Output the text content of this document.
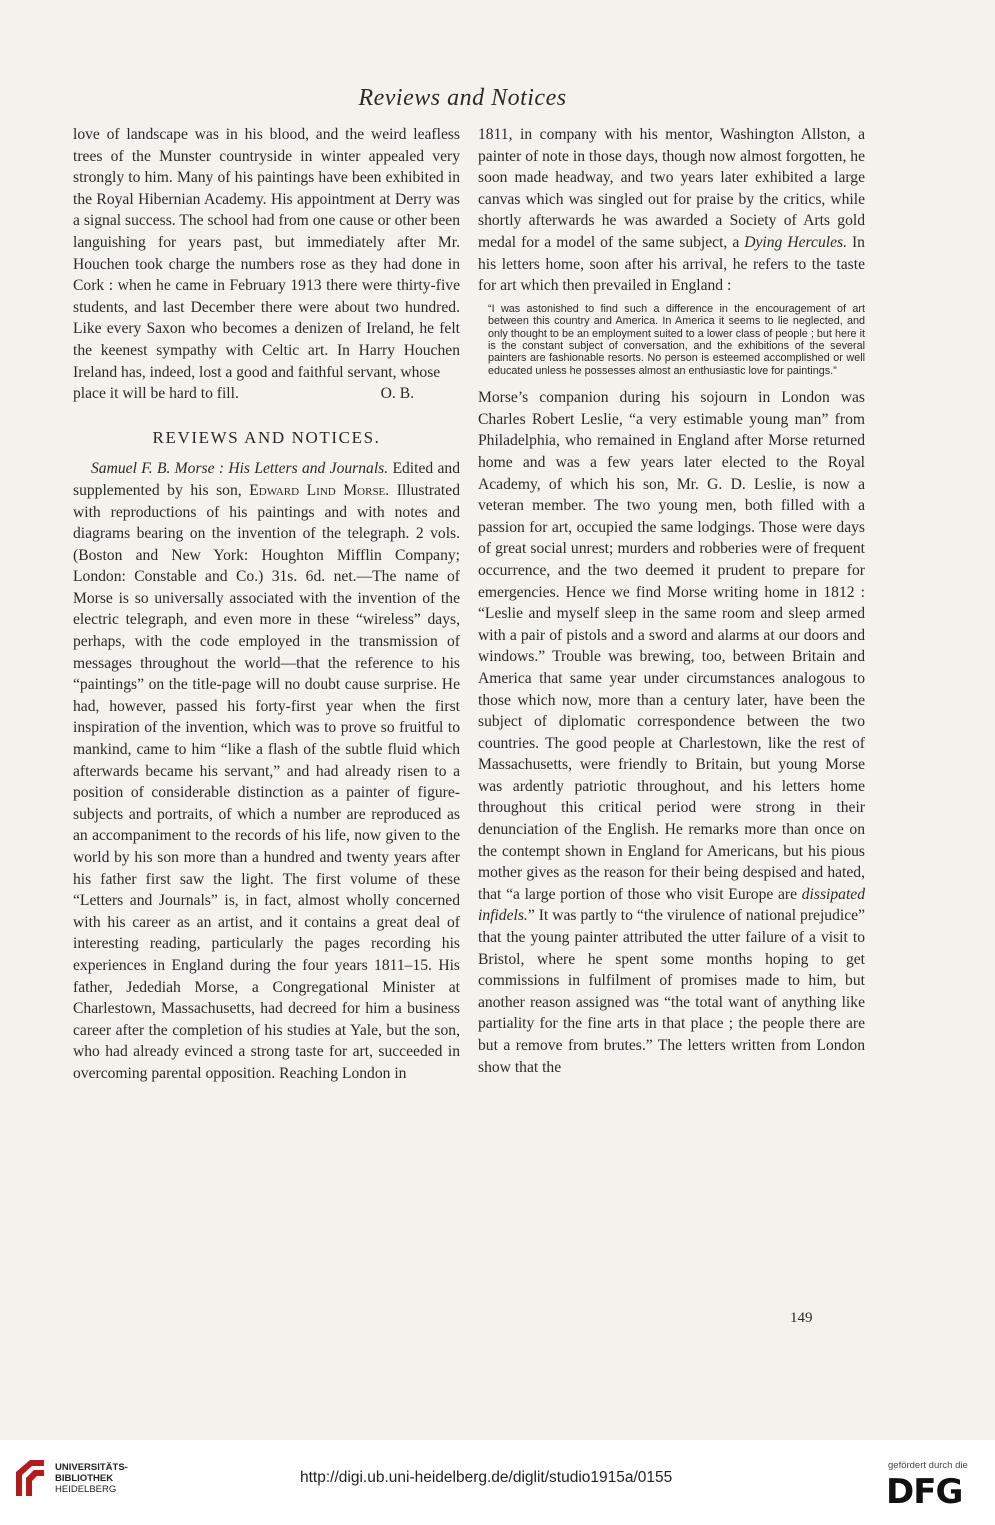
Reviews and Notices

love of landscape was in his blood, and the weird leafless trees of the Munster countryside in winter appealed very strongly to him. Many of his paintings have been exhibited in the Royal Hibernian Academy. His appointment at Derry was a signal success. The school had from one cause or other been languishing for years past, but immediately after Mr. Houchen took charge the numbers rose as they had done in Cork : when he came in February 1913 there were thirty-five students, and last December there were about two hundred. Like every Saxon who becomes a denizen of Ireland, he felt the keenest sympathy with Celtic art. In Harry Houchen Ireland has, indeed, lost a good and faithful servant, whose

place it will be hard to fill.	O. B.

REVIEWS AND NOTICES.

Samuel F. B. Morse : His Letters and Journals. Edited and supplemented by his son, Edward Lind Morse. Illustrated with reproductions of his paintings and with notes and diagrams bearing on the invention of the telegraph. 2 vols. (Boston and New York: Houghton Mifflin Company; London: Constable and Co.) 31s. 6d. net.—The name of Morse is so universally associated with the invention of the electric telegraph, and even more in these “wireless” days, perhaps, with the code employed in the transmission of messages throughout the world—that the reference to his “paintings” on the title-page will no doubt cause surprise. He had, however, passed his forty-first year when the first inspiration of the invention, which was to prove so fruitful to mankind, came to him “like a flash of the subtle fluid which afterwards became his servant,” and had already risen to a position of considerable distinction as a painter of figure-subjects and portraits, of which a number are reproduced as an accompaniment to the records of his life, now given to the world by his son more than a hundred and twenty years after his father first saw the light. The first volume of these “Letters and Journals” is, in fact, almost wholly concerned with his career as an artist, and it contains a great deal of interesting reading, particularly the pages recording his experiences in England during the four years 1811–15. His father, Jedediah Morse, a Congregational Minister at Charlestown, Massachusetts, had decreed for him a business career after the completion of his studies at Yale, but the son, who had already evinced a strong taste for art, succeeded in overcoming parental opposition. Reaching London in

1811, in company with his mentor, Washington Allston, a painter of note in those days, though now almost forgotten, he soon made headway, and two years later exhibited a large canvas which was singled out for praise by the critics, while shortly afterwards he was awarded a Society of Arts gold medal for a model of the same subject, a Dying Hercules. In his letters home, soon after his arrival, he refers to the taste for art which then prevailed in England :

“I was astonished to find such a difference in the encouragement of art between this country and America. In America it seems to lie neglected, and only thought to be an employment suited to a lower class of people ; but here it is the constant subject of conversation, and the exhibitions of the several painters are fashionable resorts. No person is esteemed accomplished or well educated unless he possesses almost an enthusiastic love for paintings.”

Morse’s companion during his sojourn in London was Charles Robert Leslie, “a very estimable young man” from Philadelphia, who remained in England after Morse returned home and was a few years later elected to the Royal Academy, of which his son, Mr. G. D. Leslie, is now a veteran member. The two young men, both filled with a passion for art, occupied the same lodgings. Those were days of great social unrest; murders and robberies were of frequent occurrence, and the two deemed it prudent to prepare for emergencies. Hence we find Morse writing home in 1812 : “Leslie and myself sleep in the same room and sleep armed with a pair of pistols and a sword and alarms at our doors and windows.” Trouble was brewing, too, between Britain and America that same year under circumstances analogous to those which now, more than a century later, have been the subject of diplomatic correspondence between the two countries. The good people at Charlestown, like the rest of Massachusetts, were friendly to Britain, but young Morse was ardently patriotic throughout, and his letters home throughout this critical period were strong in their denunciation of the English. He remarks more than once on the contempt shown in England for Americans, but his pious mother gives as the reason for their being despised and hated, that “a large portion of those who visit Europe are dissipated infidels.” It was partly to “the virulence of national prejudice” that the young painter attributed the utter failure of a visit to Bristol, where he spent some months hoping to get commissions in fulfilment of promises made to him, but another reason assigned was “the total want of anything like partiality for the fine arts in that place ; the people there are but a remove from brutes.” The letters written from London show that the

149
UNIVERSITÄTS-
BIBLIOTHEK
HEIDELBERG
http://digi.ub.uni-heidelberg.de/diglit/studio1915a/0155
gefördert durch die
DFG
